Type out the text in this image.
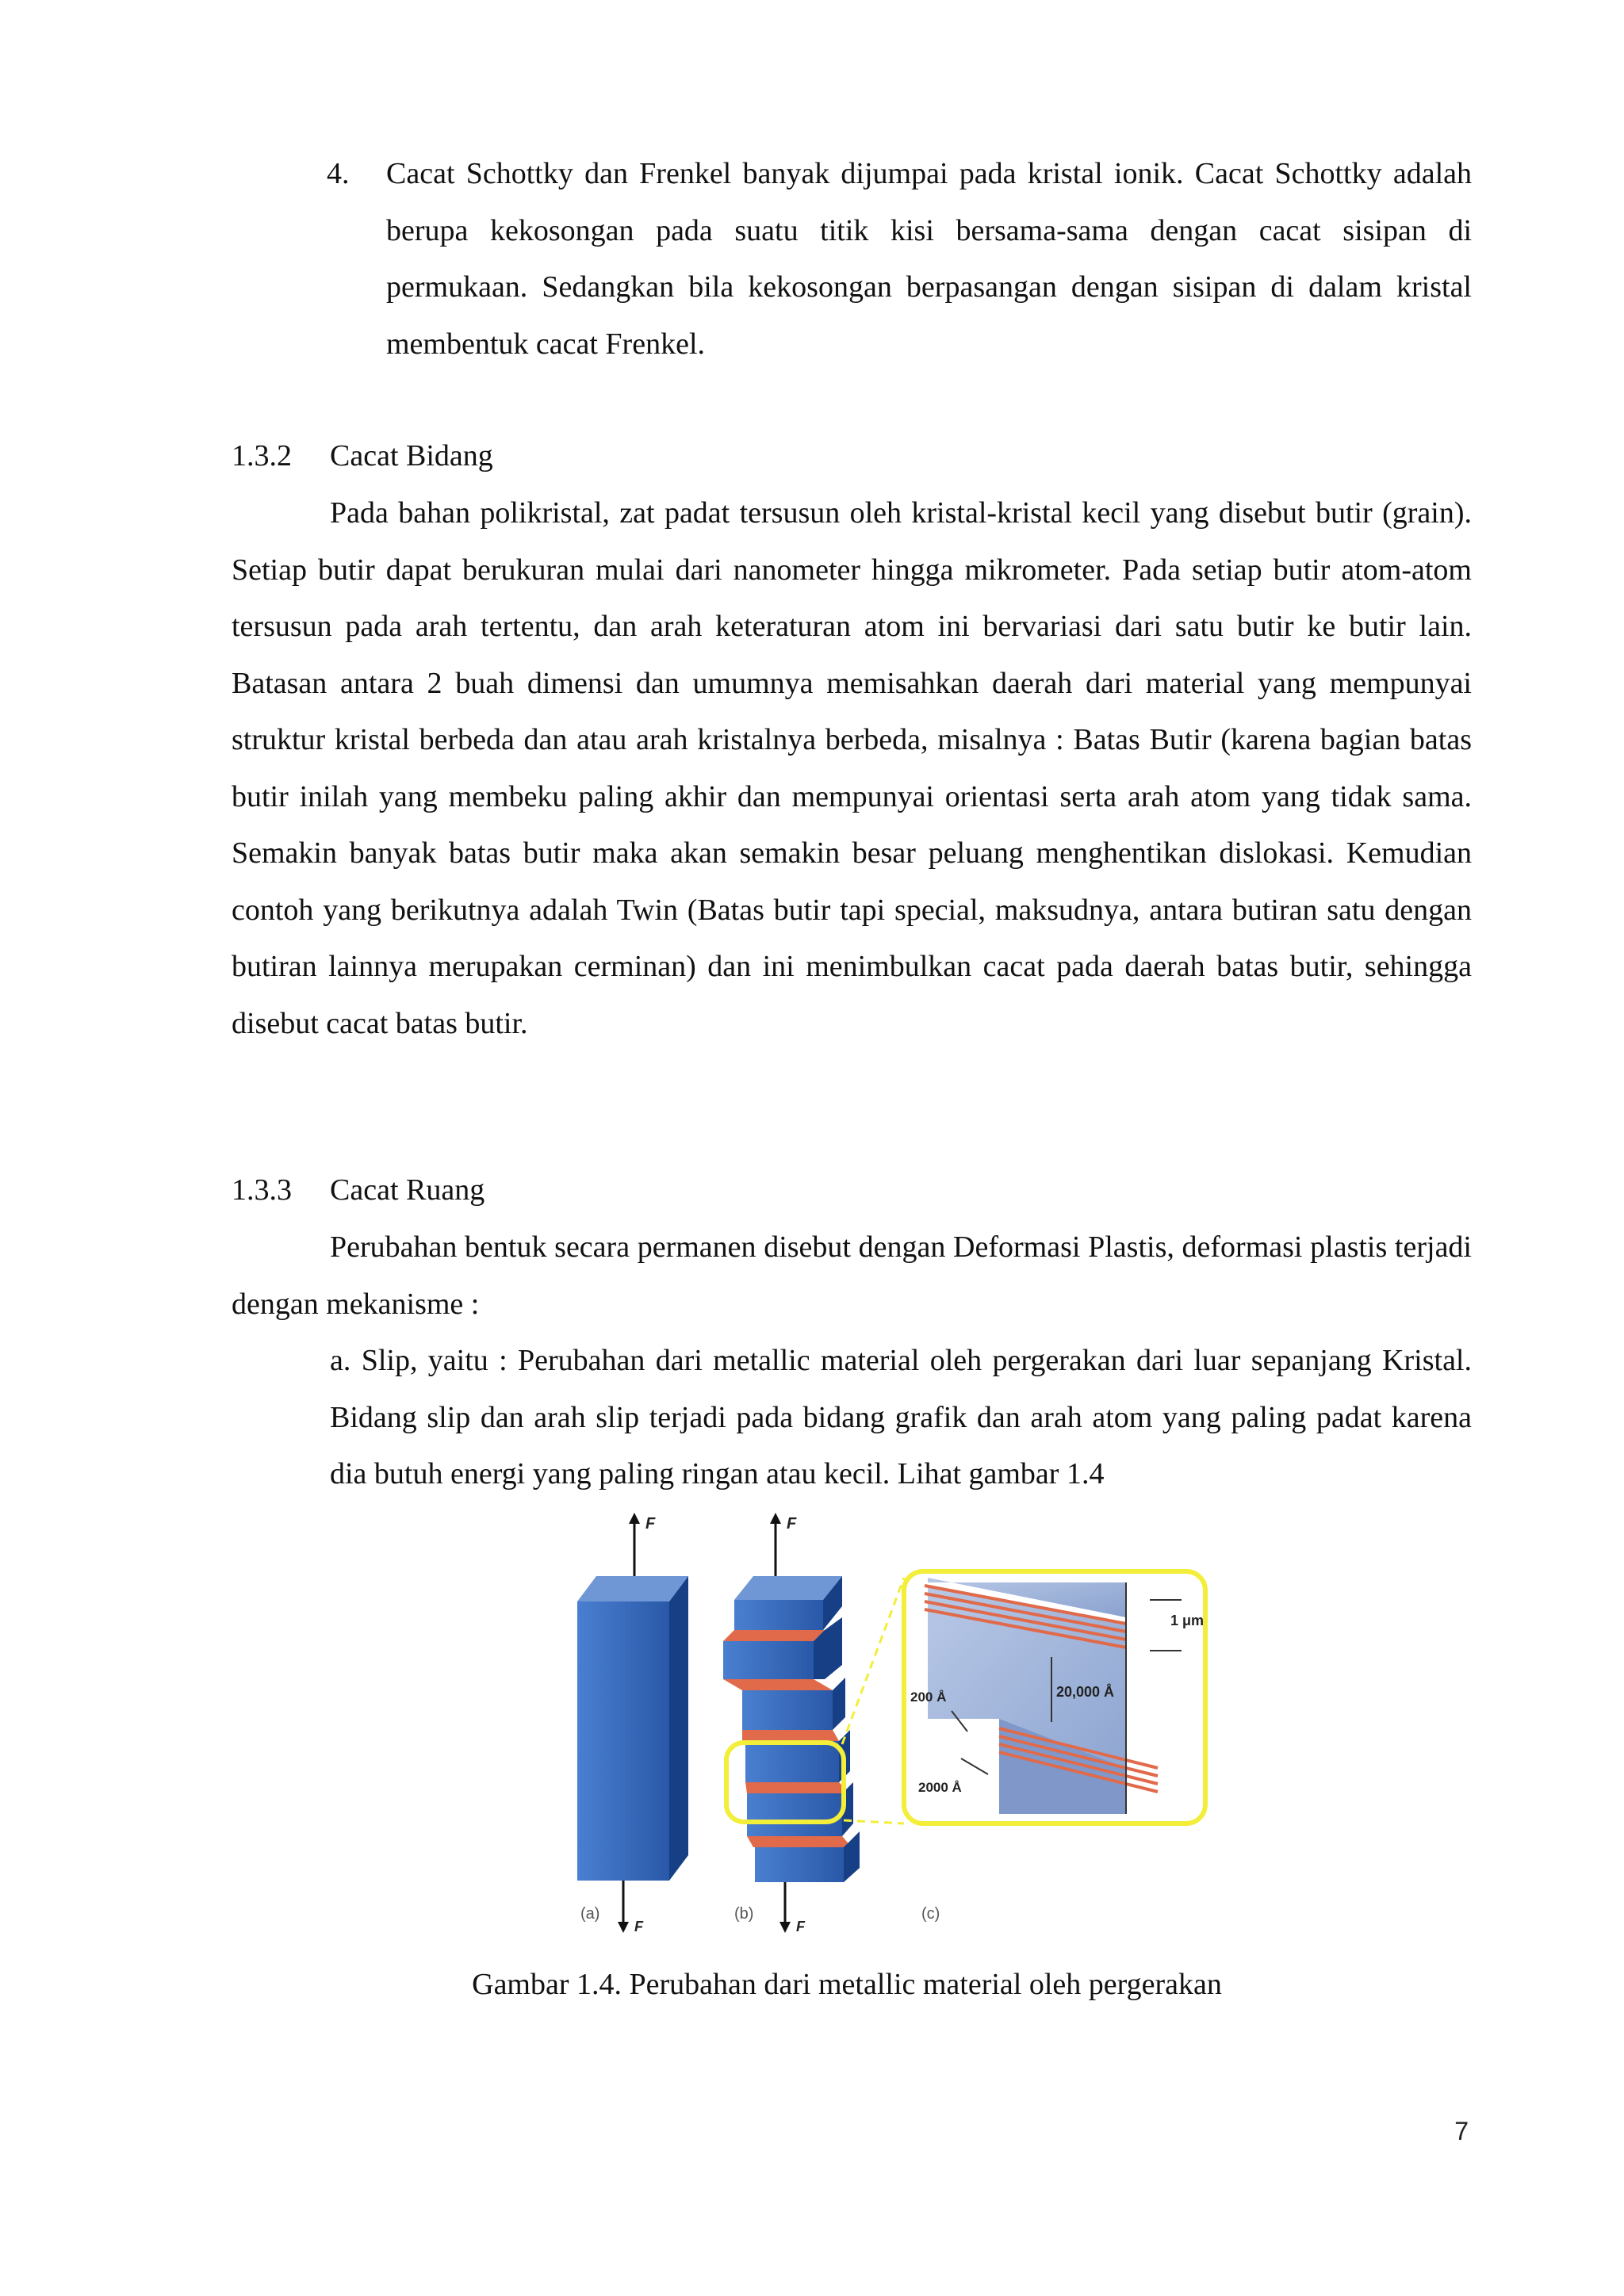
4. Cacat Schottky dan Frenkel banyak dijumpai pada kristal ionik. Cacat Schottky adalah berupa kekosongan pada suatu titik kisi bersama-sama dengan cacat sisipan di permukaan. Sedangkan bila kekosongan berpasangan dengan sisipan di dalam kristal membentuk cacat Frenkel.

1.3.2 Cacat Bidang

Pada bahan polikristal, zat padat tersusun oleh kristal-kristal kecil yang disebut butir (grain). Setiap butir dapat berukuran mulai dari nanometer hingga mikrometer. Pada setiap butir atom-atom tersusun pada arah tertentu, dan arah keteraturan atom ini bervariasi dari satu butir ke butir lain. Batasan antara 2 buah dimensi dan umumnya memisahkan daerah dari material yang mempunyai struktur kristal berbeda dan atau arah kristalnya berbeda, misalnya : Batas Butir (karena bagian batas butir inilah yang membeku paling akhir dan mempunyai orientasi serta arah atom yang tidak sama. Semakin banyak batas butir maka akan semakin besar peluang menghentikan dislokasi. Kemudian contoh yang berikutnya adalah Twin (Batas butir tapi special, maksudnya, antara butiran satu dengan butiran lainnya merupakan cerminan) dan ini menimbulkan cacat pada daerah batas butir, sehingga disebut cacat batas butir.

1.3.3 Cacat Ruang

Perubahan bentuk secara permanen disebut dengan Deformasi Plastis, deformasi plastis terjadi dengan mekanisme :

a. Slip, yaitu : Perubahan dari metallic material oleh pergerakan dari luar sepanjang Kristal. Bidang slip dan arah slip terjadi pada bidang grafik dan arah atom yang paling padat karena dia butuh energi yang paling ringan atau kecil. Lihat gambar 1.4

F
F
F
F
1 μm
20,000 Å
200 Å
2000 Å
(a)	(b)	(c)
Gambar 1.4. Perubahan dari metallic material oleh pergerakan
7
